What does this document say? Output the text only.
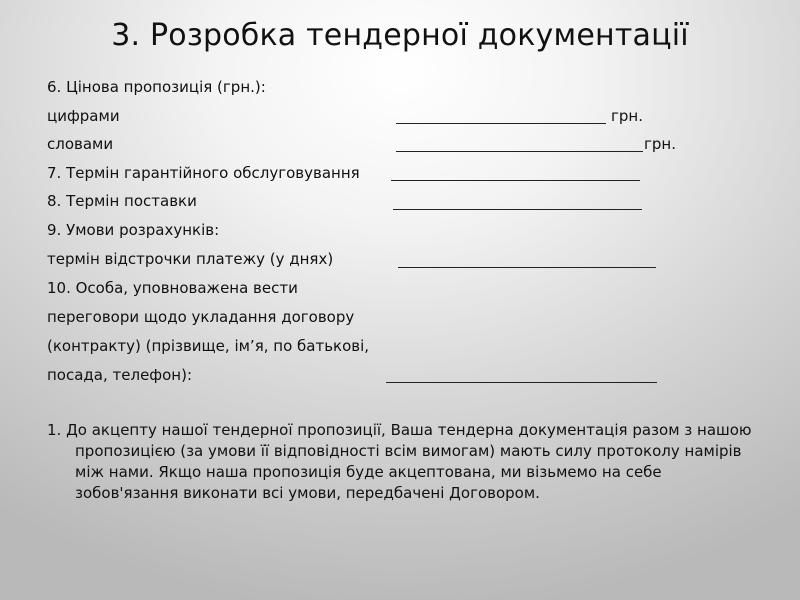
3. Розробка тендерної документації
6. Цінова пропозиція (грн.):
цифрами	грн.
словами	грн.
7. Термін гарантійного обслуговування
8. Термін поставки
9. Умови розрахунків:
термін відстрочки платежу (у днях)
10. Особа, уповноважена вести
переговори щодо укладання договору
(контракту) (прізвище, ім’я, по батькові,
посада, телефон):
1. До акцепту нашої тендерної пропозиції, Ваша тендерна документація разом з нашою пропозицією (за умови її відповідності всім вимогам) мають силу протоколу намірів між нами. Якщо наша пропозиція буде акцептована, ми візьмемо на себе зобов'язання виконати всі умови, передбачені Договором.
